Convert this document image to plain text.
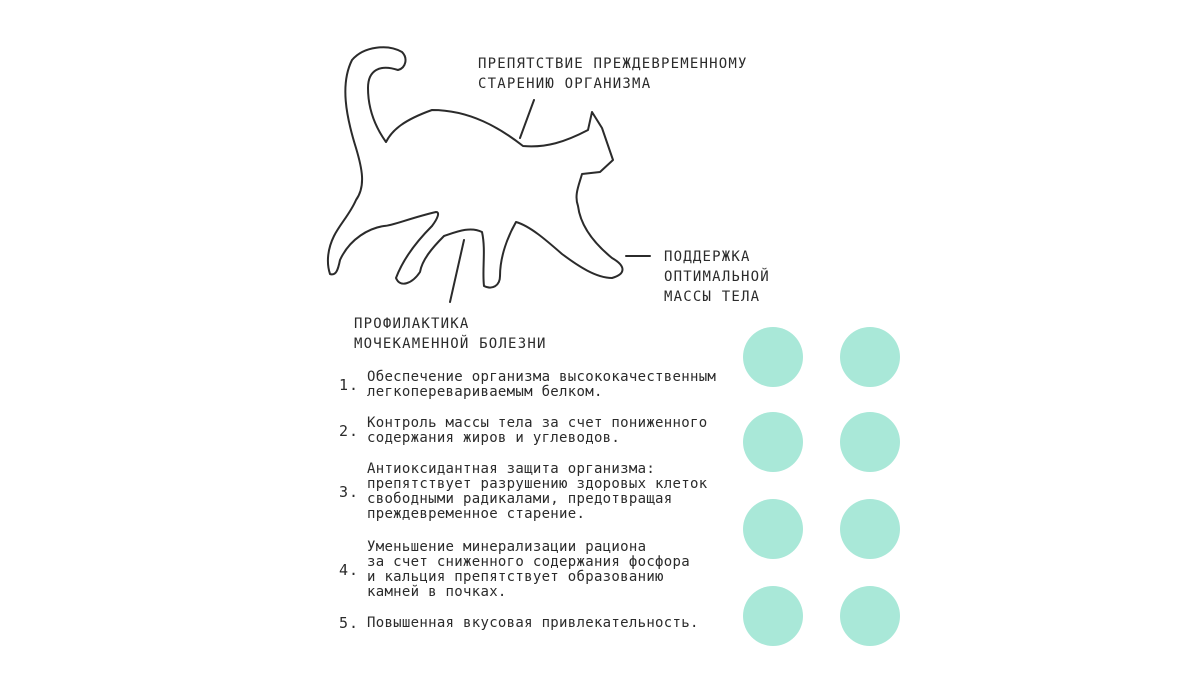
ПРЕПЯТСТВИЕ ПРЕЖДЕВРЕМЕННОМУ
СТАРЕНИЮ ОРГАНИЗМА
ПОДДЕРЖКА
ОПТИМАЛЬНОЙ
МАССЫ ТЕЛА
ПРОФИЛАКТИКА
МОЧЕКАМЕННОЙ БОЛЕЗНИ
1. Обеспечение организма высококачественным
легкоперевариваемым белком.
2. Контроль массы тела за счет пониженного
содержания жиров и углеводов.
3.
Антиоксидантная защита организма:
препятствует разрушению здоровых клеток
свободными радикалами, предотвращая
преждевременное старение.
4.
Уменьшение минерализации рациона
за счет сниженного содержания фосфора
и кальция препятствует образованию
камней в почках.
5. Повышенная вкусовая привлекательность.
